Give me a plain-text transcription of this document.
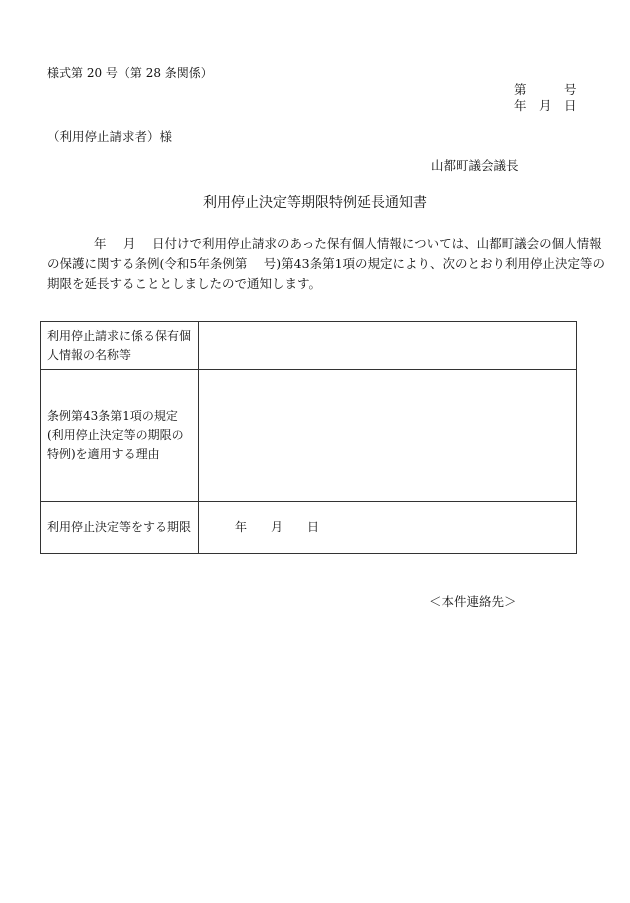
様式第 20 号（第 28 条関係）
第　　　号
年　月　日
（利用停止請求者）様
山都町議会議長
利用停止決定等期限特例延長通知書
年　 月　 日付けで利用停止請求のあった保有個人情報については、山都町議会の個人情報
の保護に関する条例(令和5年条例第　 号)第43条第1項の規定により、次のとおり利用停止決定等の
期限を延長することとしましたので通知します。
利用停止請求に係る保有個人情報の名称等	
条例第43条第1項の規定(利用停止決定等の期限の特例)を適用する理由	
利用停止決定等をする期限	年　　月　　日
＜本件連絡先＞
